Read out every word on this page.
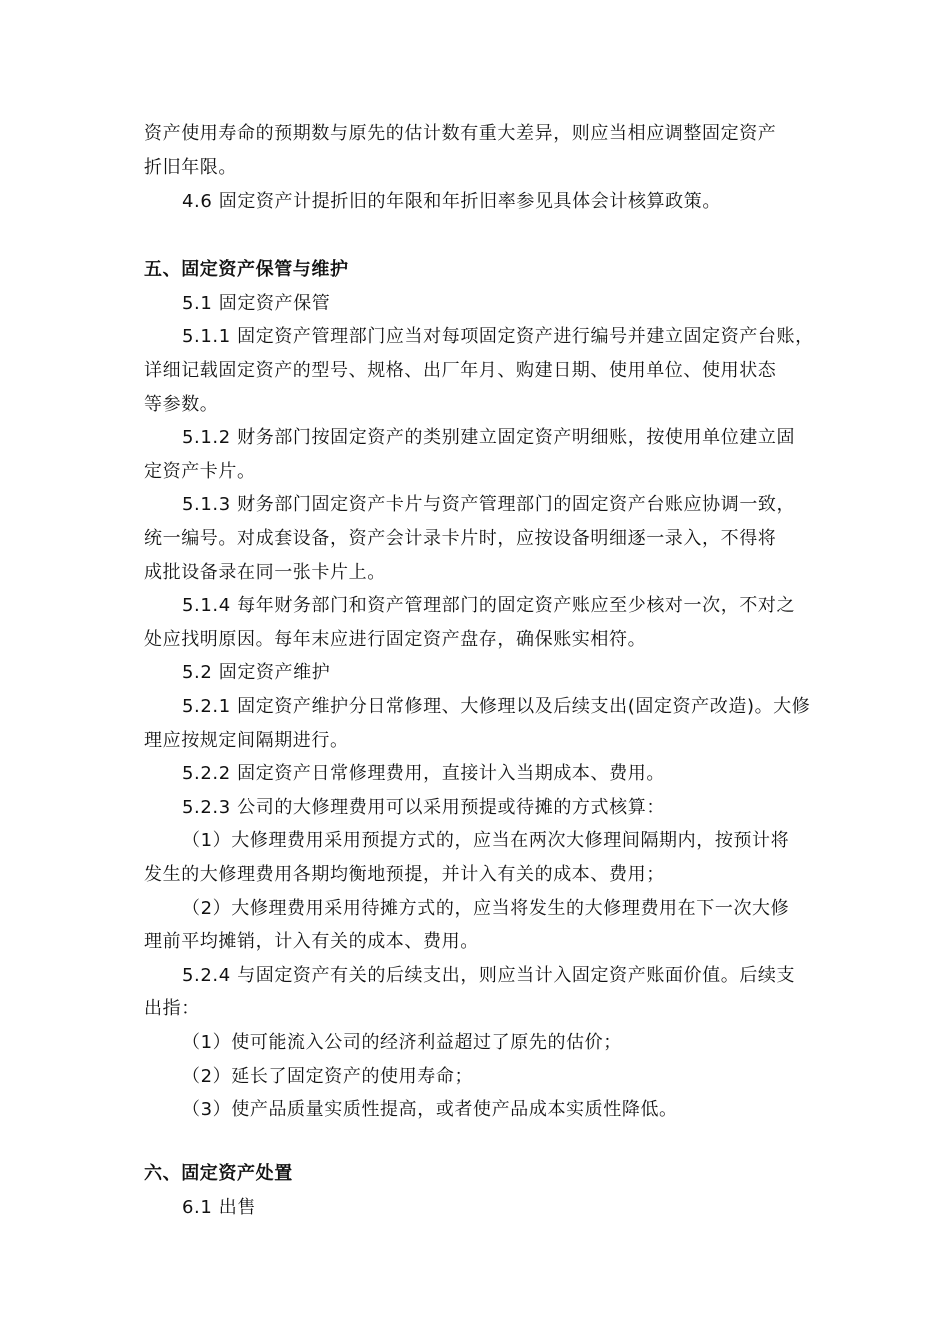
资产使用寿命的预期数与原先的估计数有重大差异，则应当相应调整固定资产
折旧年限。
4.6 固定资产计提折旧的年限和年折旧率参见具体会计核算政策。
五、固定资产保管与维护
5.1 固定资产保管
5.1.1 固定资产管理部门应当对每项固定资产进行编号并建立固定资产台账，
详细记载固定资产的型号、规格、出厂年月、购建日期、使用单位、使用状态
等参数。
5.1.2 财务部门按固定资产的类别建立固定资产明细账，按使用单位建立固
定资产卡片。
5.1.3 财务部门固定资产卡片与资产管理部门的固定资产台账应协调一致，
统一编号。对成套设备，资产会计录卡片时，应按设备明细逐一录入，不得将
成批设备录在同一张卡片上。
5.1.4 每年财务部门和资产管理部门的固定资产账应至少核对一次，不对之
处应找明原因。每年末应进行固定资产盘存，确保账实相符。
5.2 固定资产维护
5.2.1 固定资产维护分日常修理、大修理以及后续支出(固定资产改造)。大修
理应按规定间隔期进行。
5.2.2 固定资产日常修理费用，直接计入当期成本、费用。
5.2.3 公司的大修理费用可以采用预提或待摊的方式核算：
（1）大修理费用采用预提方式的，应当在两次大修理间隔期内，按预计将
发生的大修理费用各期均衡地预提，并计入有关的成本、费用；
（2）大修理费用采用待摊方式的，应当将发生的大修理费用在下一次大修
理前平均摊销，计入有关的成本、费用。
5.2.4 与固定资产有关的后续支出，则应当计入固定资产账面价值。后续支
出指：
（1）使可能流入公司的经济利益超过了原先的估价；
（2）延长了固定资产的使用寿命；
（3）使产品质量实质性提高，或者使产品成本实质性降低。
六、固定资产处置
6.1 出售
